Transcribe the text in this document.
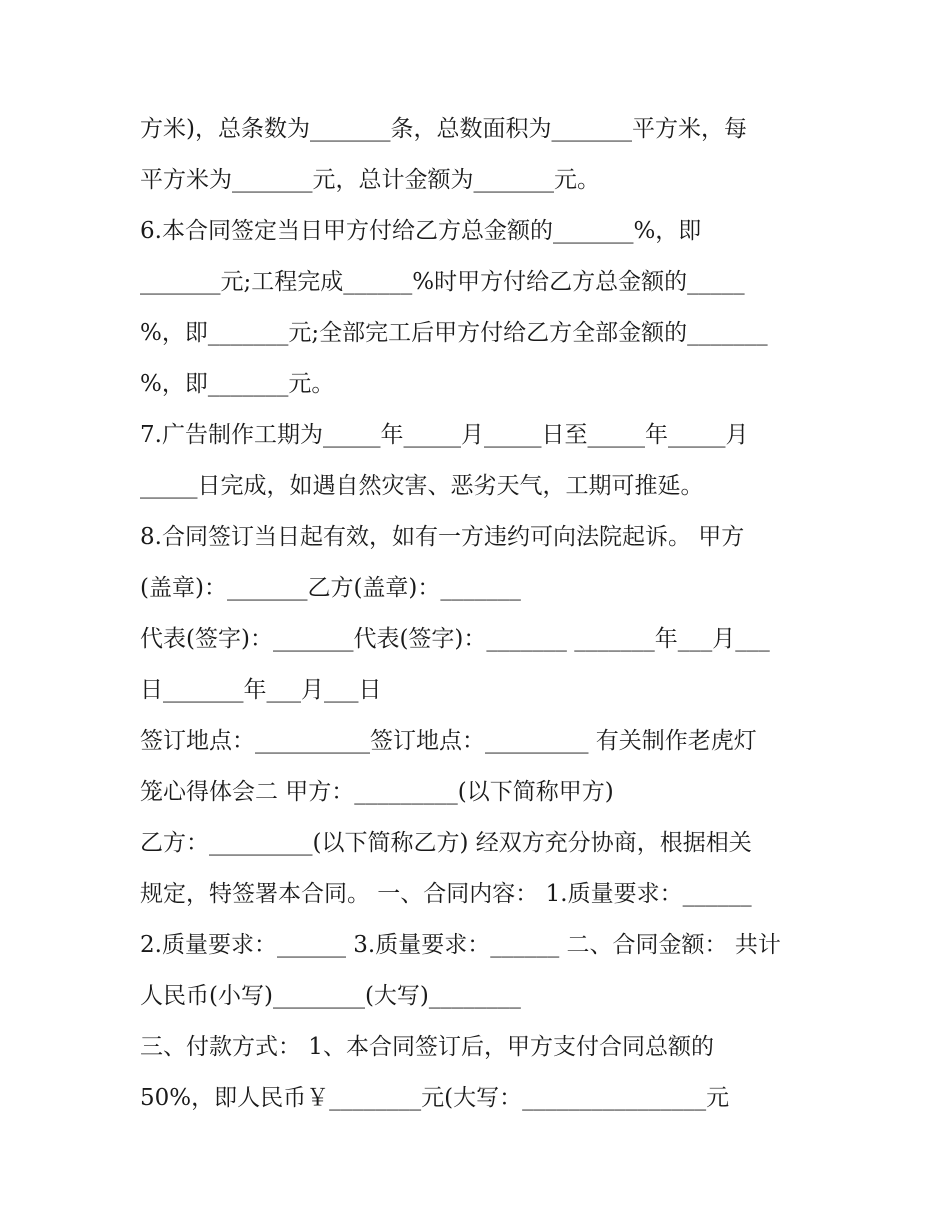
方米)，总条数为_______条，总数面积为_______平方米，每
平方米为_______元，总计金额为_______元。
6.本合同签定当日甲方付给乙方总金额的_______%，即
_______元;工程完成______%时甲方付给乙方总金额的_____
%，即_______元;全部完工后甲方付给乙方全部金额的_______
%，即_______元。
7.广告制作工期为_____年_____月_____日至_____年_____月
_____日完成，如遇自然灾害、恶劣天气，工期可推延。
8.合同签订当日起有效，如有一方违约可向法院起诉。 甲方
(盖章)：_______乙方(盖章)：_______
代表(签字)：_______代表(签字)：_______ _______年___月___
日_______年___月___日
签订地点：__________签订地点：_________ 有关制作老虎灯
笼心得体会二 甲方：_________(以下简称甲方)
乙方：_________(以下简称乙方) 经双方充分协商，根据相关
规定，特签署本合同。 一、合同内容： 1.质量要求：______
2.质量要求：______ 3.质量要求：______ 二、合同金额： 共计
人民币(小写)________(大写)________
三、付款方式： 1、本合同签订后，甲方支付合同总额的
50%，即人民币￥________元(大写：________________元
